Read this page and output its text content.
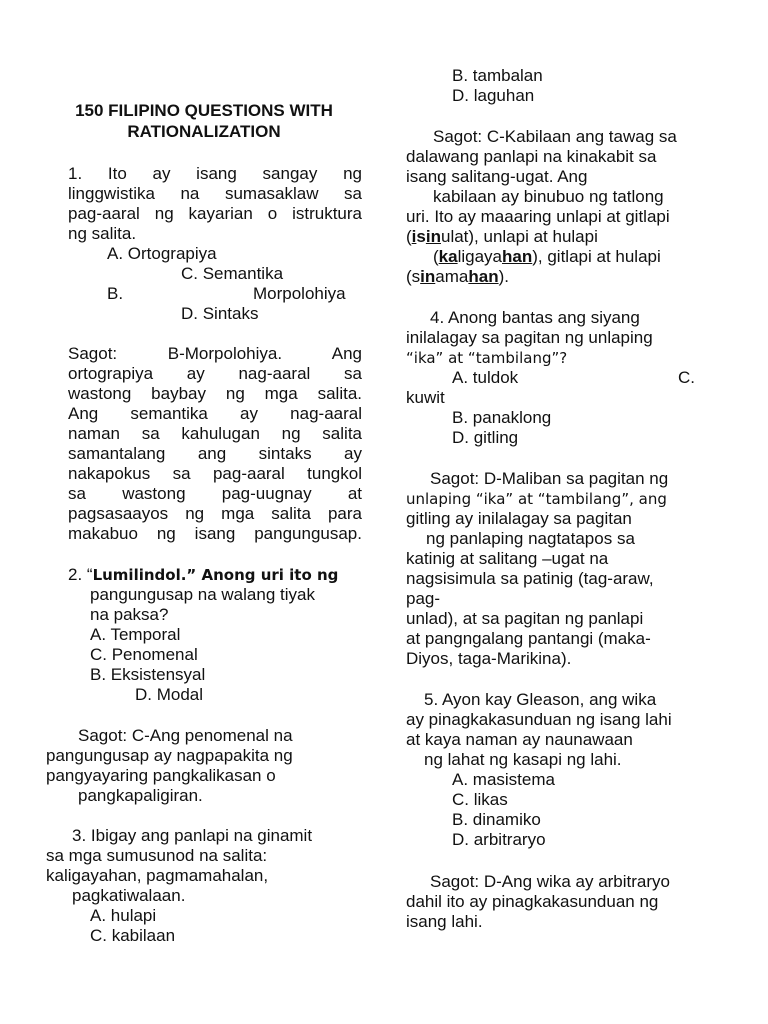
150 FILIPINO QUESTIONS WITH
RATIONALIZATION
1. Ito ay isang sangay ng
linggwistika na sumasaklaw sa
pag-aaral ng kayarian o istruktura
ng salita.
A. Ortograpiya
C. Semantika
B.	Morpolohiya
D. Sintaks
Sagot: B-Morpolohiya. Ang
ortograpiya ay nag-aaral sa
wastong baybay ng mga salita.
Ang semantika ay nag-aaral
naman sa kahulugan ng salita
samantalang ang sintaks ay
nakapokus sa pag-aaral tungkol
sa wastong pag-uugnay at
pagsasaayos ng mga salita para
makabuo ng isang pangungusap.
2. “Lumilindol.” Anong uri ito ng
pangungusap na walang tiyak
na paksa?
A. Temporal
C. Penomenal
B. Eksistensyal
D. Modal
Sagot: C-Ang penomenal na
pangungusap ay nagpapakita ng
pangyayaring pangkalikasan o
pangkapaligiran.
3. Ibigay ang panlapi na ginamit
sa mga sumusunod na salita:
kaligayahan, pagmamahalan,
pagkatiwalaan.
A. hulapi
C. kabilaan
B. tambalan
D. laguhan
Sagot: C-Kabilaan ang tawag sa
dalawang panlapi na kinakabit sa
isang salitang-ugat. Ang
kabilaan ay binubuo ng tatlong
uri. Ito ay maaaring unlapi at gitlapi
(isinulat), unlapi at hulapi
(kaligayahan), gitlapi at hulapi
(sinamahan).
4. Anong bantas ang siyang
inilalagay sa pagitan ng unlaping
“ika” at “tambilang”?
A. tuldok	C.
kuwit
B. panaklong
D. gitling
Sagot: D-Maliban sa pagitan ng
unlaping “ika” at “tambilang”, ang
gitling ay inilalagay sa pagitan
ng panlaping nagtatapos sa
katinig at salitang –ugat na
nagsisimula sa patinig (tag-araw,
pag-
unlad), at sa pagitan ng panlapi
at pangngalang pantangi (maka-
Diyos, taga-Marikina).
5. Ayon kay Gleason, ang wika
ay pinagkakasunduan ng isang lahi
at kaya naman ay naunawaan
ng lahat ng kasapi ng lahi.
A. masistema
C. likas
B. dinamiko
D. arbitraryo
Sagot: D-Ang wika ay arbitraryo
dahil ito ay pinagkakasunduan ng
isang lahi.
